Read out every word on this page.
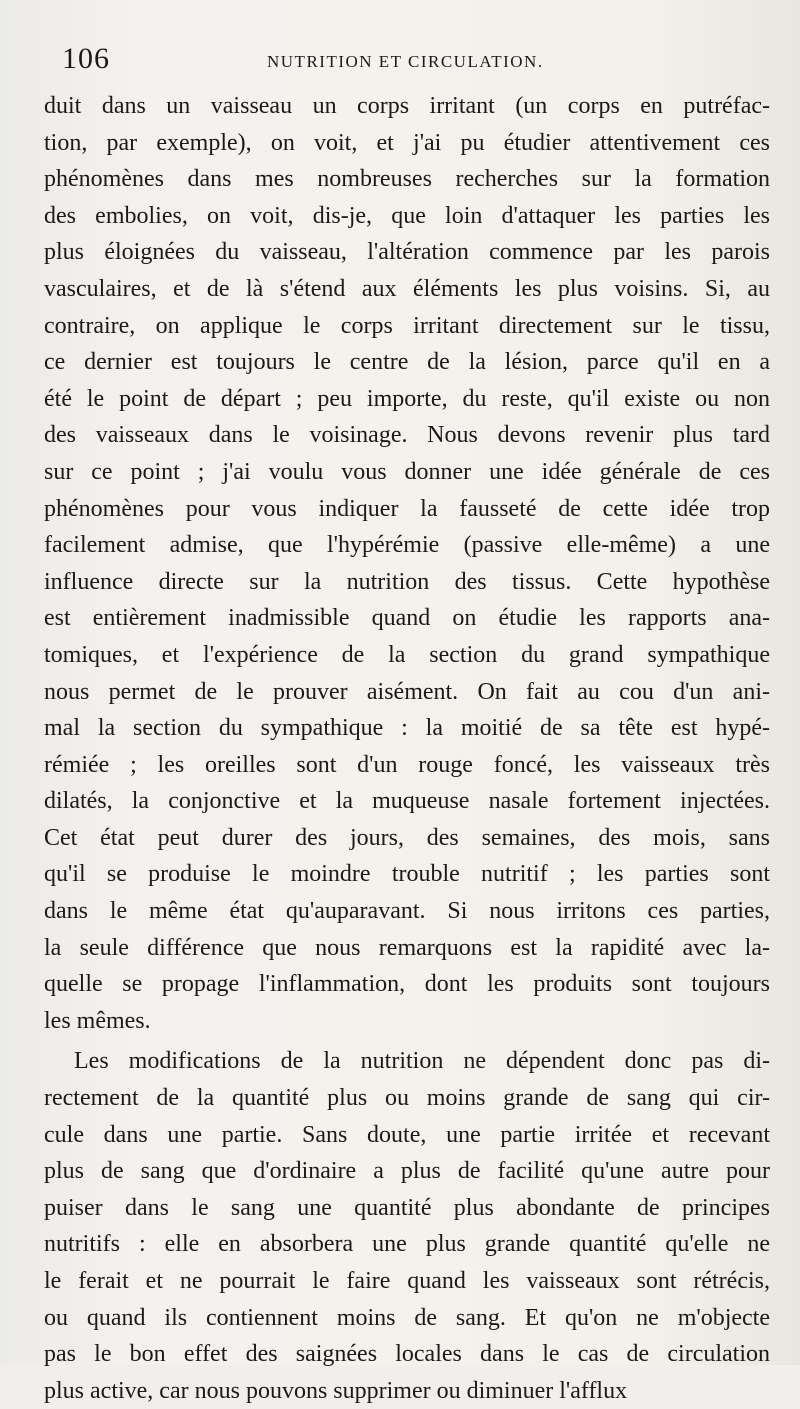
106	NUTRITION ET CIRCULATION.
duit dans un vaisseau un corps irritant (un corps en putréfac-
tion, par exemple), on voit, et j'ai pu étudier attentivement ces
phénomènes dans mes nombreuses recherches sur la formation
des embolies, on voit, dis-je, que loin d'attaquer les parties les
plus éloignées du vaisseau, l'altération commence par les parois
vasculaires, et de là s'étend aux éléments les plus voisins. Si, au
contraire, on applique le corps irritant directement sur le tissu,
ce dernier est toujours le centre de la lésion, parce qu'il en a
été le point de départ ; peu importe, du reste, qu'il existe ou non
des vaisseaux dans le voisinage. Nous devons revenir plus tard
sur ce point ; j'ai voulu vous donner une idée générale de ces
phénomènes pour vous indiquer la fausseté de cette idée trop
facilement admise, que l'hypérémie (passive elle-même) a une
influence directe sur la nutrition des tissus. Cette hypothèse
est entièrement inadmissible quand on étudie les rapports ana-
tomiques, et l'expérience de la section du grand sympathique
nous permet de le prouver aisément. On fait au cou d'un ani-
mal la section du sympathique : la moitié de sa tête est hypé-
rémiée ; les oreilles sont d'un rouge foncé, les vaisseaux très
dilatés, la conjonctive et la muqueuse nasale fortement injectées.
Cet état peut durer des jours, des semaines, des mois, sans
qu'il se produise le moindre trouble nutritif ; les parties sont
dans le même état qu'auparavant. Si nous irritons ces parties,
la seule différence que nous remarquons est la rapidité avec la-
quelle se propage l'inflammation, dont les produits sont toujours
les mêmes.
Les modifications de la nutrition ne dépendent donc pas di-
rectement de la quantité plus ou moins grande de sang qui cir-
cule dans une partie. Sans doute, une partie irritée et recevant
plus de sang que d'ordinaire a plus de facilité qu'une autre pour
puiser dans le sang une quantité plus abondante de principes
nutritifs : elle en absorbera une plus grande quantité qu'elle ne
le ferait et ne pourrait le faire quand les vaisseaux sont rétrécis,
ou quand ils contiennent moins de sang. Et qu'on ne m'objecte
pas le bon effet des saignées locales dans le cas de circulation
plus active, car nous pouvons supprimer ou diminuer l'afflux
